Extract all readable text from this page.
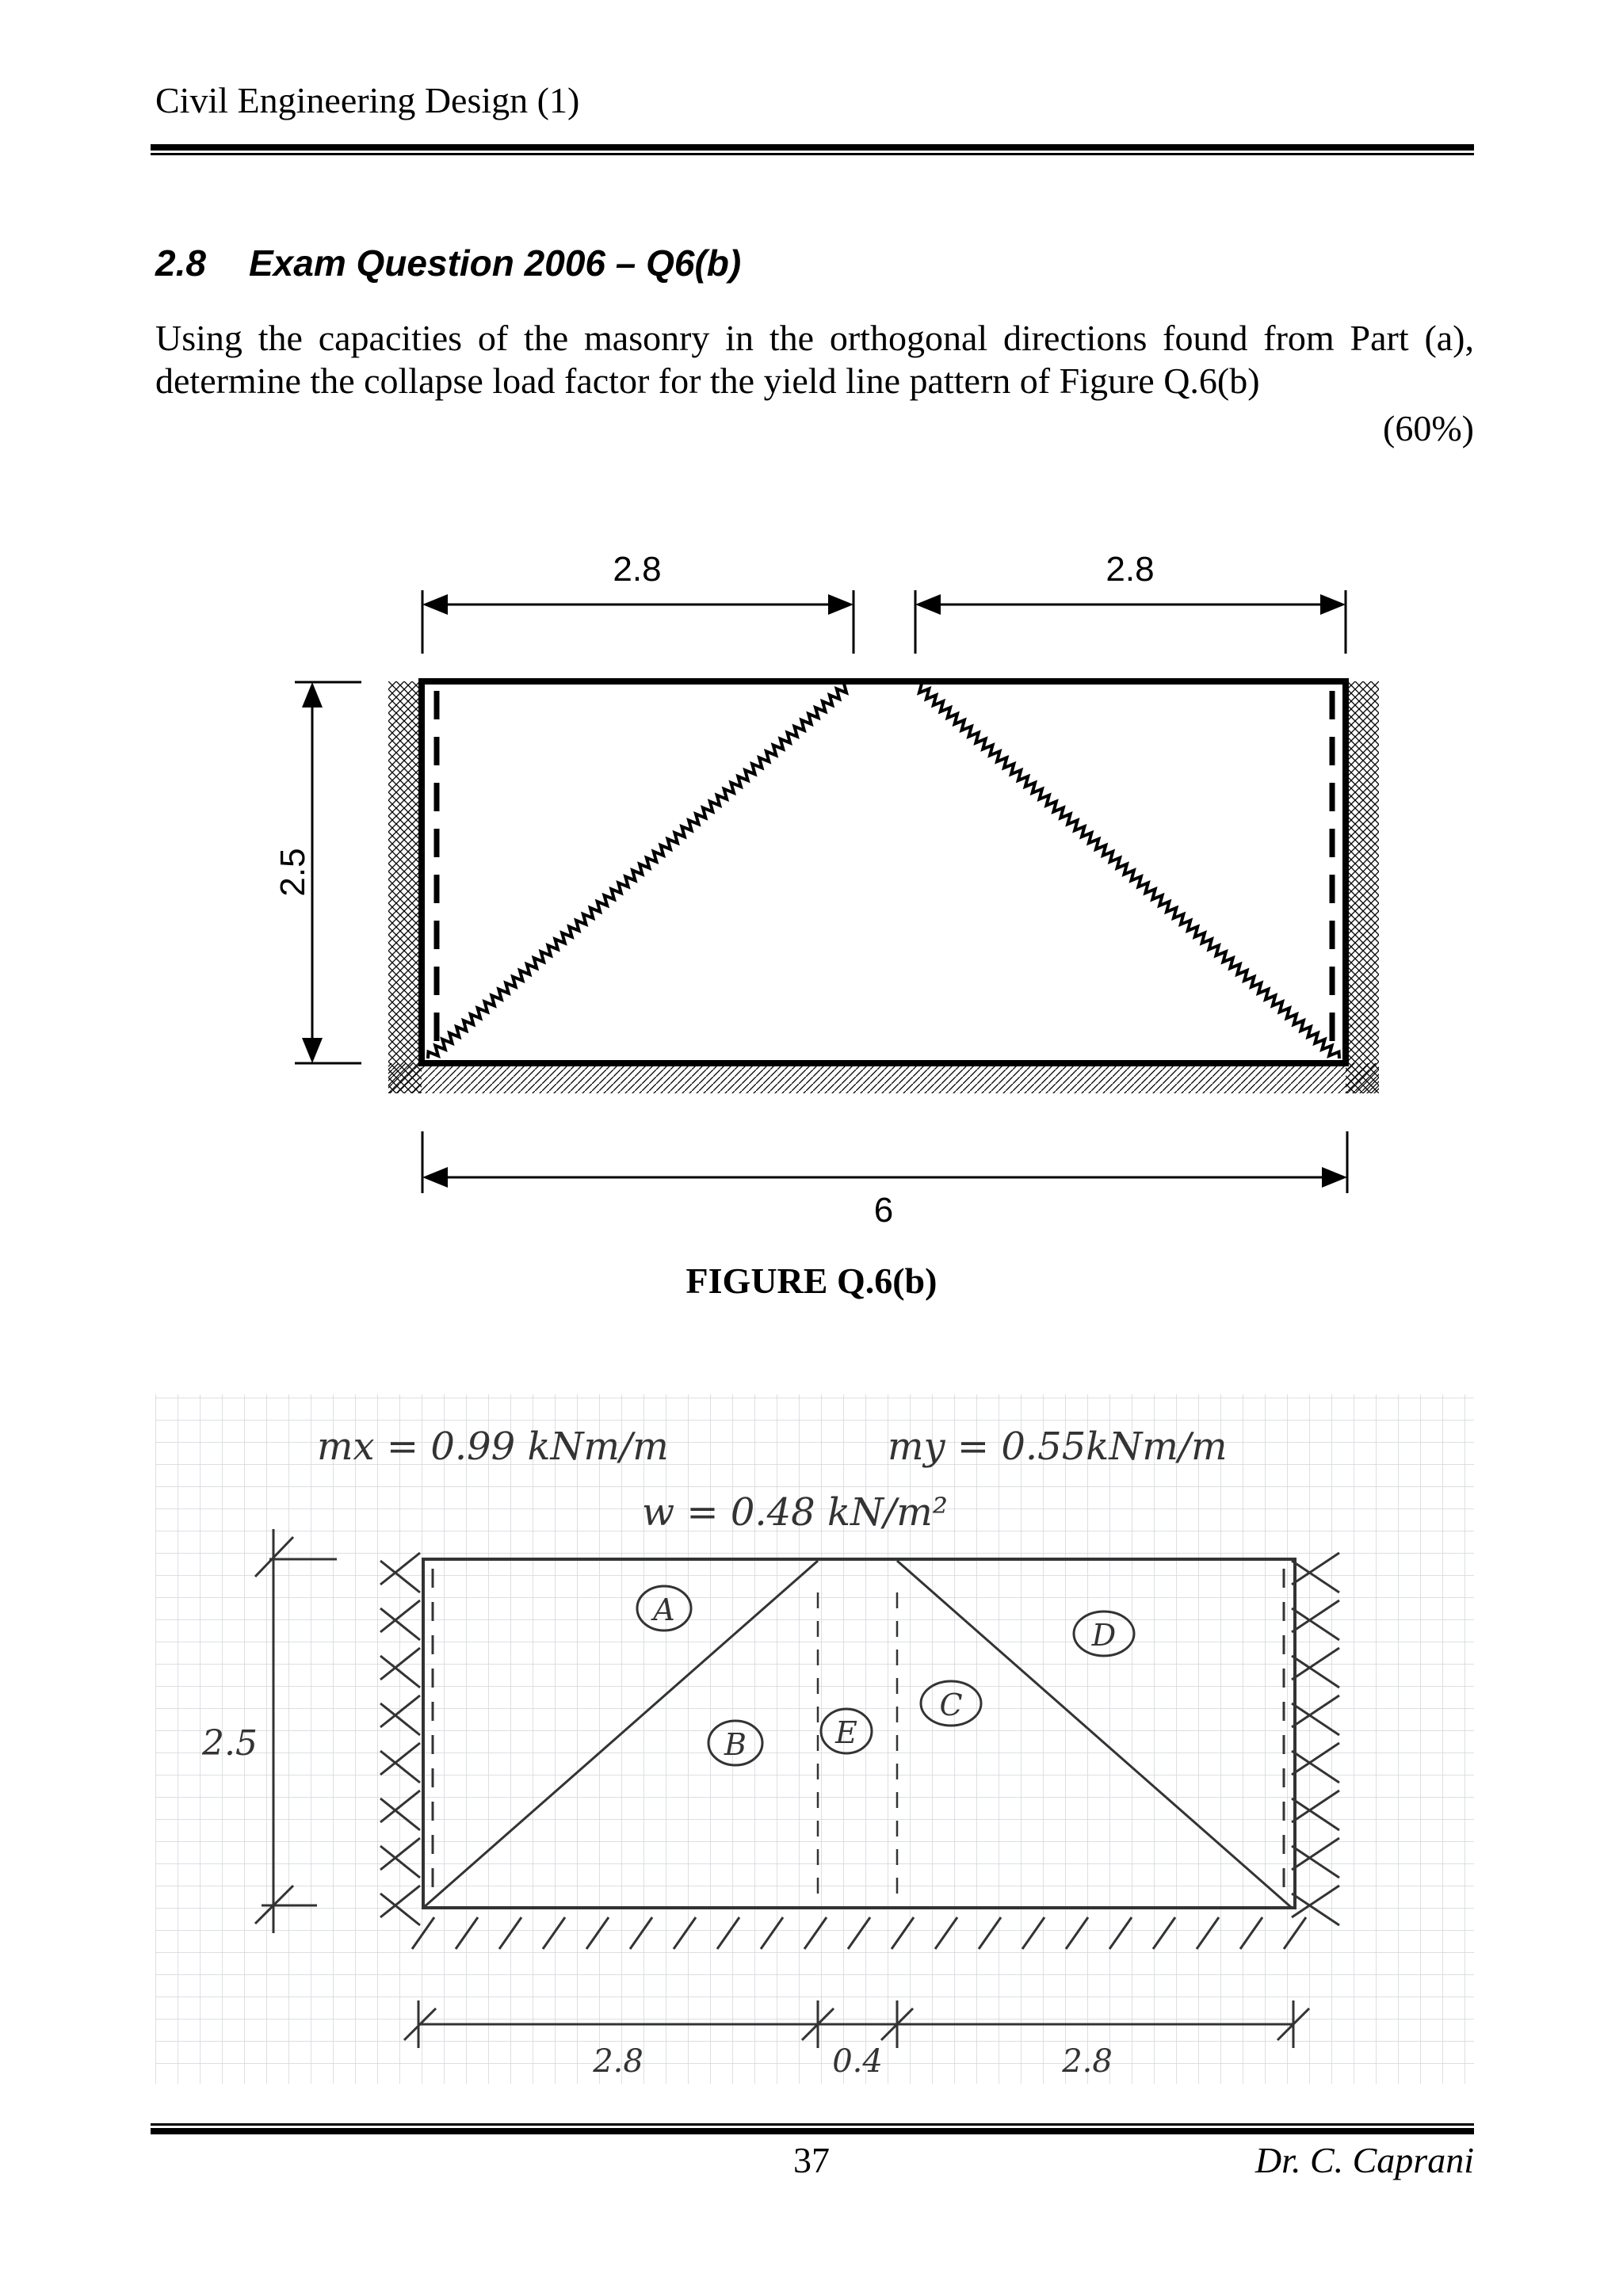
Civil Engineering Design (1)
2.8 Exam Question 2006 – Q6(b)
Using the capacities of the masonry in the orthogonal directions found from Part (a), determine the collapse load factor for the yield line pattern of Figure Q.6(b)
(60%)
2.8	2.8
2.5
6
mx = 0.99 kNm/m	my = 0.55kNm/m
w = 0.48 kN/m²
A
B
C
D
E
2.5
2.8	0.4	2.8
FIGURE Q.6(b)
37	Dr. C. Caprani
